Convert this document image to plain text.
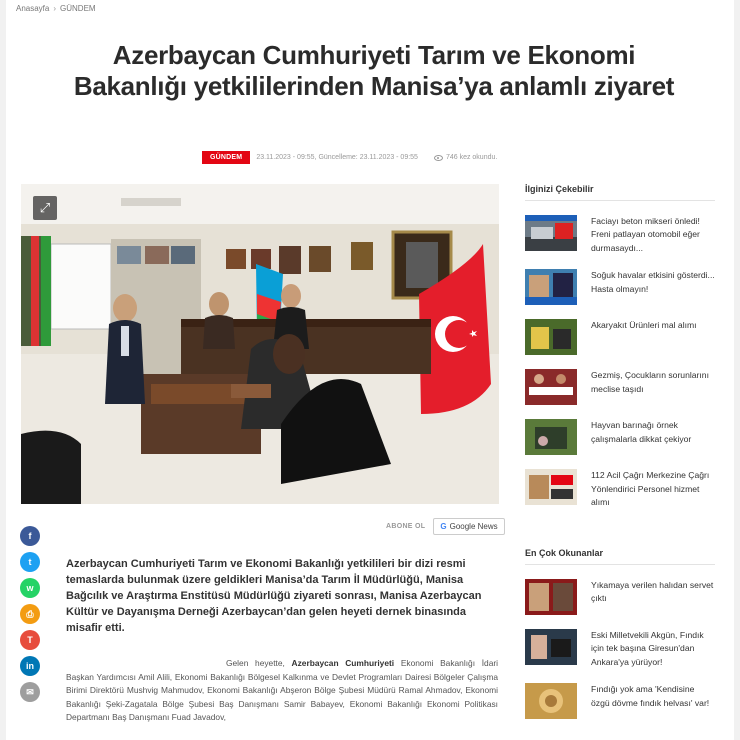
Anasayfa › GÜNDEM
Azerbaycan Cumhuriyeti Tarım ve Ekonomi Bakanlığı yetkililerinden Manisa’ya anlamlı ziyaret
GÜNDEM	23.11.2023 - 09:55, Güncelleme: 23.11.2023 - 09:55	746 kez okundu.
⤢
ABONE OL G Google News
f
t
w
⎙
T
in
✉

Azerbaycan Cumhuriyeti Tarım ve Ekonomi Bakanlığı yetkilileri bir dizi resmi temaslarda bulunmak üzere geldikleri Manisa’da Tarım İl Müdürlüğü, Manisa Bağcılık ve Araştırma Enstitüsü Müdürlüğü ziyareti sonrası, Manisa Azerbaycan Kültür ve Dayanışma Derneği Azerbaycan’dan gelen heyeti dernek binasında misafir etti.

Gelen heyette, Azerbaycan Cumhuriyeti Ekonomi Bakanlığı İdari Başkan Yardımcısı Amil Alili, Ekonomi Bakanlığı Bölgesel Kalkınma ve Devlet Programları Dairesi Bölgeler Çalışma Birimi Direktörü Mushvig Mahmudov, Ekonomi Bakanlığı Abşeron Bölge Şubesi Müdürü Ramal Ahmadov, Ekonomi Bakanlığı Şeki-Zagatala Bölge Şubesi Baş Danışmanı Samir Babayev, Ekonomi Bakanlığı Ekonomi Politikası Departmanı Baş Danışmanı Fuad Javadov,

İlginizi Çekebilir
Faciayı beton mikseri önledi! Freni patlayan otomobil eğer durmasaydı...
Soğuk havalar etkisini gösterdi... Hasta olmayın!
Akaryakıt Ürünleri mal alımı
Gezmiş, Çocukların sorunlarını meclise taşıdı
Hayvan barınağı örnek çalışmalarla dikkat çekiyor
112 Acil Çağrı Merkezine Çağrı Yönlendirici Personel hizmet alımı
En Çok Okunanlar
Yıkamaya verilen halıdan servet çıktı
Eski Milletvekili Akgün, Fındık için tek başına Giresun'dan Ankara'ya yürüyor!
Fındığı yok ama 'Kendisine özgü dövme fındık helvası' var!
